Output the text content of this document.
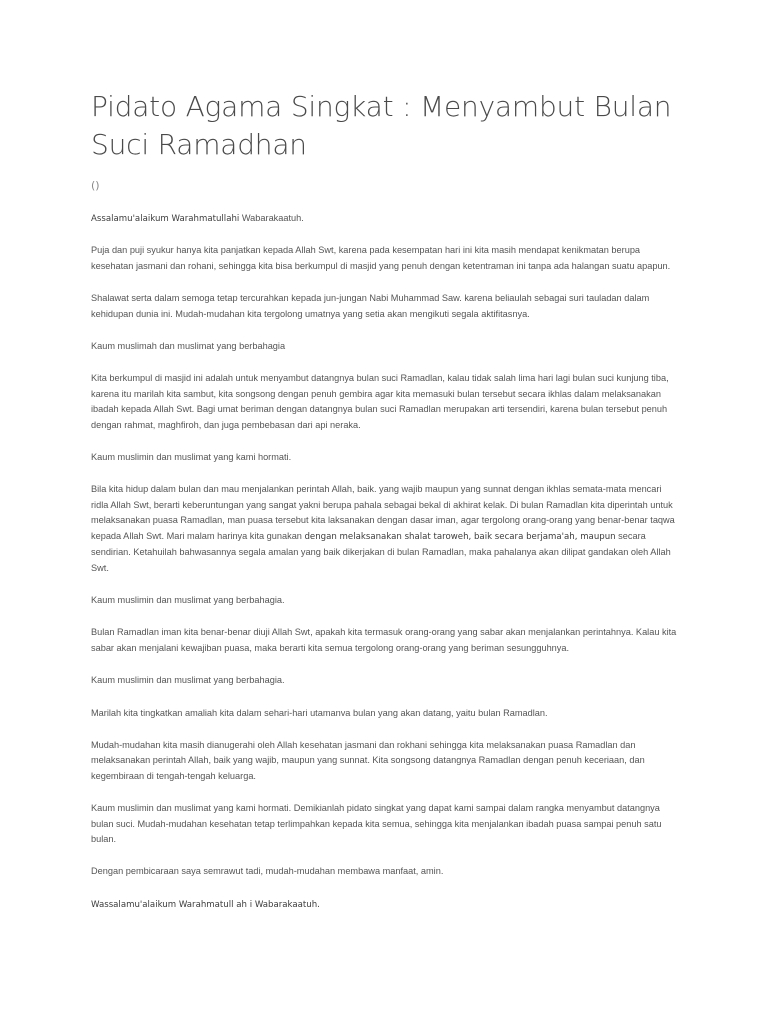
Pidato Agama Singkat : Menyambut Bulan Suci Ramadhan
()

Assalamu'alaikum Warahmatullahi Wabarakaatuh.

Puja dan puji syukur hanya kita panjatkan kepada Allah Swt, karena pada kesempatan hari ini kita masih mendapat kenikmatan berupa kesehatan jasmani dan rohani, sehingga kita bisa berkumpul di masjid yang penuh dengan ketentraman ini tanpa ada halangan suatu apapun.

Shalawat serta dalam semoga tetap tercurahkan kepada jun-jungan Nabi Muhammad Saw. karena beliaulah sebagai suri tauladan dalam kehidupan dunia ini. Mudah-mudahan kita tergolong umatnya yang setia akan mengikuti segala aktifitasnya.

Kaum muslimah dan muslimat yang berbahagia

Kita berkumpul di masjid ini adalah untuk menyambut datangnya bulan suci Ramadlan, kalau tidak salah lima hari lagi bulan suci kunjung tiba, karena itu marilah kita sambut, kita songsong dengan penuh gembira agar kita memasuki bulan tersebut secara ikhlas dalam melaksanakan ibadah kepada Allah Swt. Bagi umat beriman dengan datangnya bulan suci Ramadlan merupakan arti tersendiri, karena bulan tersebut penuh dengan rahmat, maghfiroh, dan juga pembebasan dari api neraka.

Kaum muslimin dan muslimat yang kami hormati.

Bila kita hidup dalam bulan dan mau menjalankan perintah Allah, baik. yang wajib maupun yang sunnat dengan ikhlas semata-mata mencari ridla Allah Swt, berarti keberuntungan yang sangat yakni berupa pahala sebagai bekal di akhirat kelak. Di bulan Ramadlan kita diperintah untuk melaksanakan puasa Ramadlan, man puasa tersebut kita laksanakan dengan dasar iman, agar tergolong orang-orang yang benar-benar taqwa kepada Allah Swt. Mari malam harinya kita gunakan dengan melaksanakan shalat taroweh, baik secara berjama'ah, maupun secara sendirian. Ketahuilah bahwasannya segala amalan yang baik dikerjakan di bulan Ramadlan, maka pahalanya akan dilipat gandakan oleh Allah Swt.

Kaum muslimin dan muslimat yang berbahagia.

Bulan Ramadlan iman kita benar-benar diuji Allah Swt, apakah kita termasuk orang-orang yang sabar akan menjalankan perintahnya. Kalau kita sabar akan menjalani kewajiban puasa, maka berarti kita semua tergolong orang-orang yang beriman sesungguhnya.

Kaum muslimin dan muslimat yang berbahagia.

Marilah kita tingkatkan amaliah kita dalam sehari-hari utamanva bulan yang akan datang, yaitu bulan Ramadlan.

Mudah-mudahan kita masih dianugerahi oleh Allah kesehatan jasmani dan rokhani sehingga kita melaksanakan puasa Ramadlan dan melaksanakan perintah Allah, baik yang wajib, maupun yang sunnat. Kita songsong datangnya Ramadlan dengan penuh keceriaan, dan kegembiraan di tengah-tengah keluarga.

Kaum muslimin dan muslimat yang kami hormati. Demikianlah pidato singkat yang dapat kami sampai dalam rangka menyambut datangnya bulan suci. Mudah-mudahan kesehatan tetap terlimpahkan kepada kita semua, sehingga kita menjalankan ibadah puasa sampai penuh satu bulan.

Dengan pembicaraan saya semrawut tadi, mudah-mudahan membawa manfaat, amin.

Wassalamu'alaikum Warahmatull ah i Wabarakaatuh.
